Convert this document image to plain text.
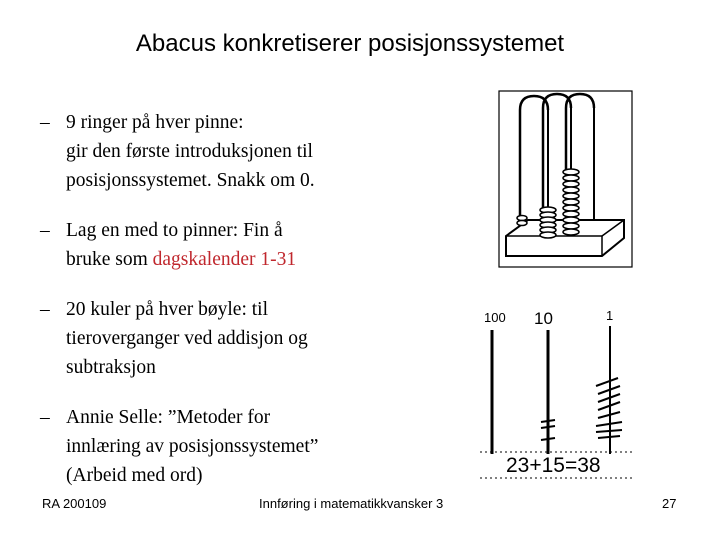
Abacus konkretiserer posisjonssystemet
– 9 ringer på hver pinne:
gir den første introduksjonen til
posisjonssystemet. Snakk om 0.
– Lag en med to pinner: Fin å
bruke som dagskalender 1-31
– 20 kuler på hver bøyle: til
tieroverganger ved addisjon og
subtraksjon
– Annie Selle: ”Metoder for
innlæring av posisjonssystemet”
(Arbeid med ord)
100 10	1
23+15=38
RA 200109	Innføring i matematikkvansker 3	27
